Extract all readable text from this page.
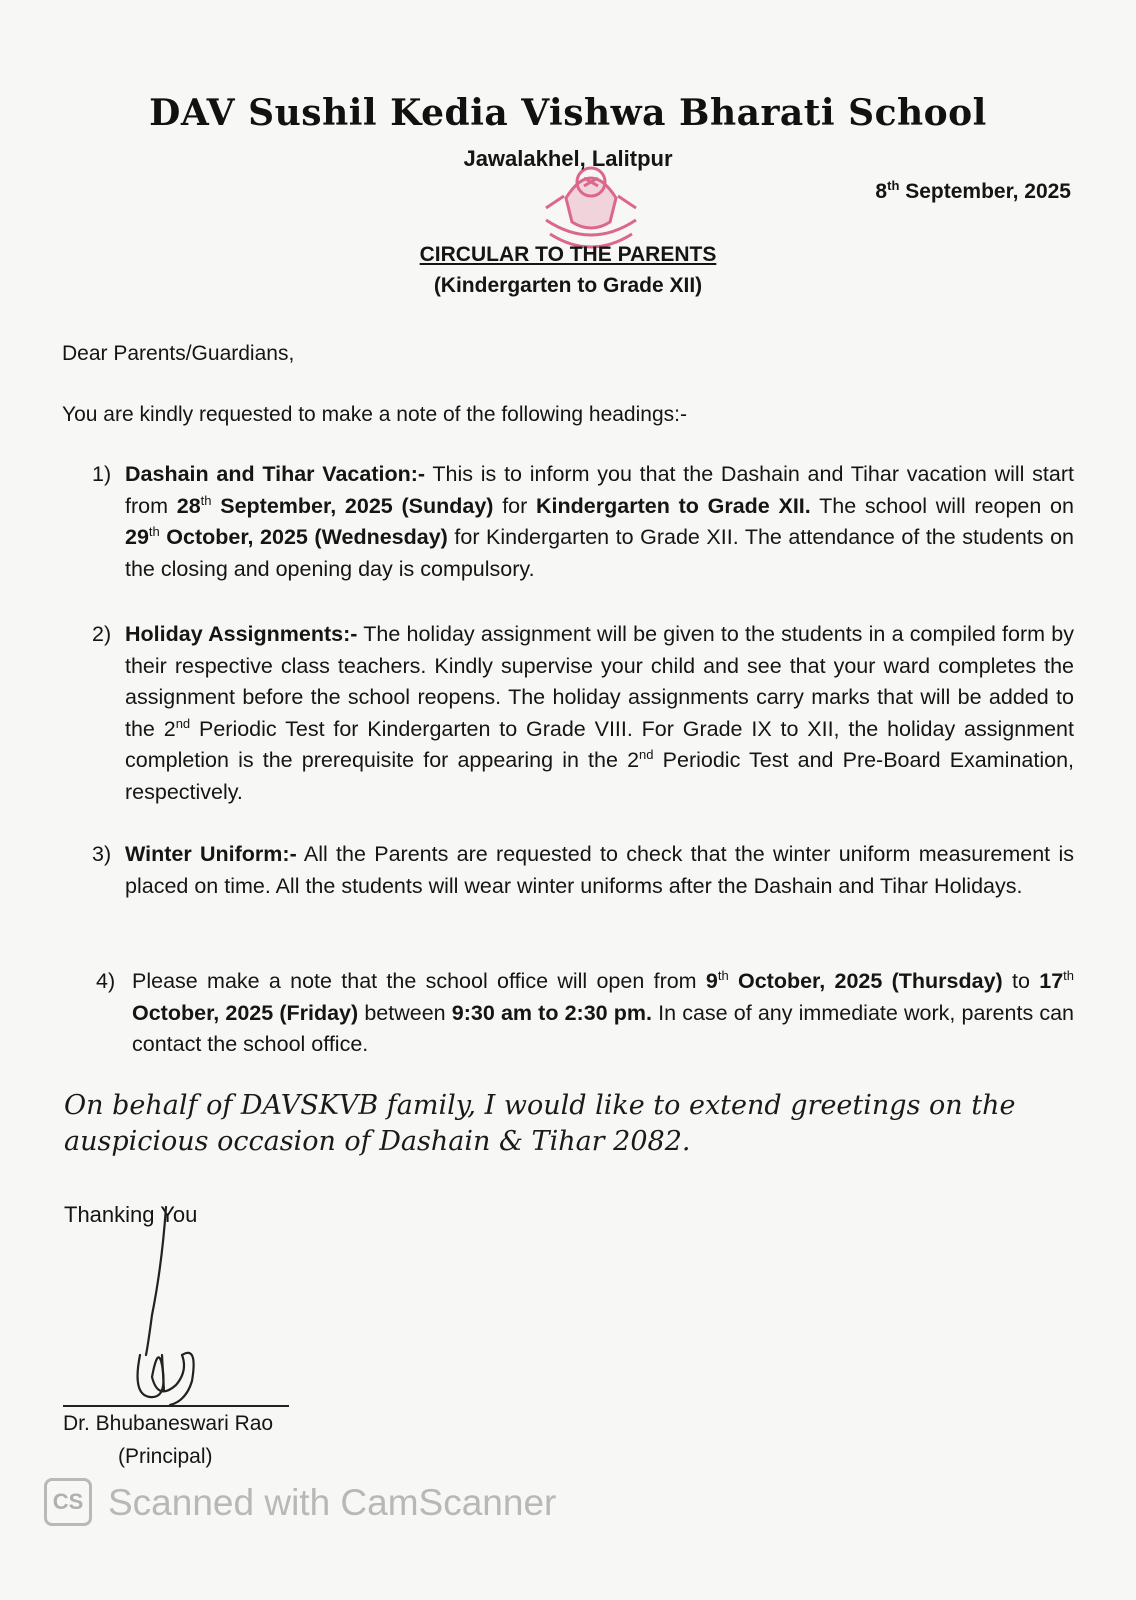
DAV Sushil Kedia Vishwa Bharati School
Jawalakhel, Lalitpur
8th September, 2025
CIRCULAR TO THE PARENTS
(Kindergarten to Grade XII)
Dear Parents/Guardians,
You are kindly requested to make a note of the following headings:-
1) Dashain and Tihar Vacation:- This is to inform you that the Dashain and Tihar vacation will start from 28th September, 2025 (Sunday) for Kindergarten to Grade XII. The school will reopen on 29th October, 2025 (Wednesday) for Kindergarten to Grade XII. The attendance of the students on the closing and opening day is compulsory.
2) Holiday Assignments:- The holiday assignment will be given to the students in a compiled form by their respective class teachers. Kindly supervise your child and see that your ward completes the assignment before the school reopens. The holiday assignments carry marks that will be added to the 2nd Periodic Test for Kindergarten to Grade VIII. For Grade IX to XII, the holiday assignment completion is the prerequisite for appearing in the 2nd Periodic Test and Pre-Board Examination, respectively.
3) Winter Uniform:- All the Parents are requested to check that the winter uniform measurement is placed on time. All the students will wear winter uniforms after the Dashain and Tihar Holidays.
4) Please make a note that the school office will open from 9th October, 2025 (Thursday) to 17th October, 2025 (Friday) between 9:30 am to 2:30 pm. In case of any immediate work, parents can contact the school office.
On behalf of DAVSKVB family, I would like to extend greetings on the auspicious occasion of Dashain & Tihar 2082.
Thanking You
Dr. Bhubaneswari Rao
(Principal)
CS Scanned with CamScanner
